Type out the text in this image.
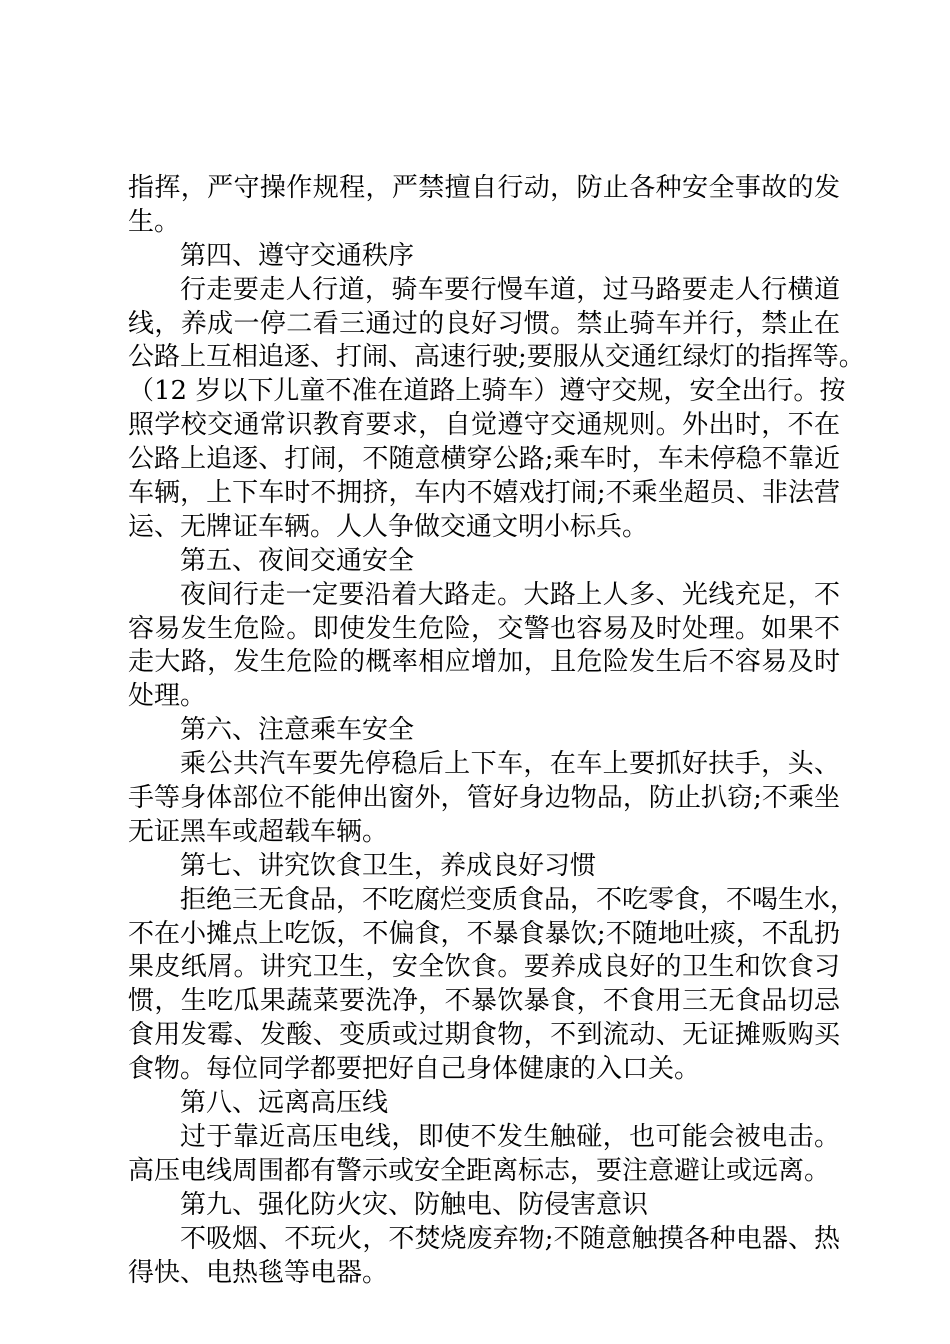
指挥，严守操作规程，严禁擅自行动，防止各种安全事故的发
生。
第四、遵守交通秩序
行走要走人行道，骑车要行慢车道，过马路要走人行横道
线，养成一停二看三通过的良好习惯。禁止骑车并行，禁止在
公路上互相追逐、打闹、高速行驶;要服从交通红绿灯的指挥等。
（12 岁以下儿童不准在道路上骑车）遵守交规，安全出行。按
照学校交通常识教育要求，自觉遵守交通规则。外出时，不在
公路上追逐、打闹，不随意横穿公路;乘车时，车未停稳不靠近
车辆，上下车时不拥挤，车内不嬉戏打闹;不乘坐超员、非法营
运、无牌证车辆。人人争做交通文明小标兵。
第五、夜间交通安全
夜间行走一定要沿着大路走。大路上人多、光线充足，不
容易发生危险。即使发生危险，交警也容易及时处理。如果不
走大路，发生危险的概率相应增加，且危险发生后不容易及时
处理。
第六、注意乘车安全
乘公共汽车要先停稳后上下车，在车上要抓好扶手，头、
手等身体部位不能伸出窗外，管好身边物品，防止扒窃;不乘坐
无证黑车或超载车辆。
第七、讲究饮食卫生，养成良好习惯
拒绝三无食品，不吃腐烂变质食品，不吃零食，不喝生水，
不在小摊点上吃饭，不偏食，不暴食暴饮;不随地吐痰，不乱扔
果皮纸屑。讲究卫生，安全饮食。要养成良好的卫生和饮食习
惯，生吃瓜果蔬菜要洗净，不暴饮暴食，不食用三无食品切忌
食用发霉、发酸、变质或过期食物，不到流动、无证摊贩购买
食物。每位同学都要把好自己身体健康的入口关。
第八、远离高压线
过于靠近高压电线，即使不发生触碰，也可能会被电击。
高压电线周围都有警示或安全距离标志，要注意避让或远离。
第九、强化防火灾、防触电、防侵害意识
不吸烟、不玩火，不焚烧废弃物;不随意触摸各种电器、热
得快、电热毯等电器。
